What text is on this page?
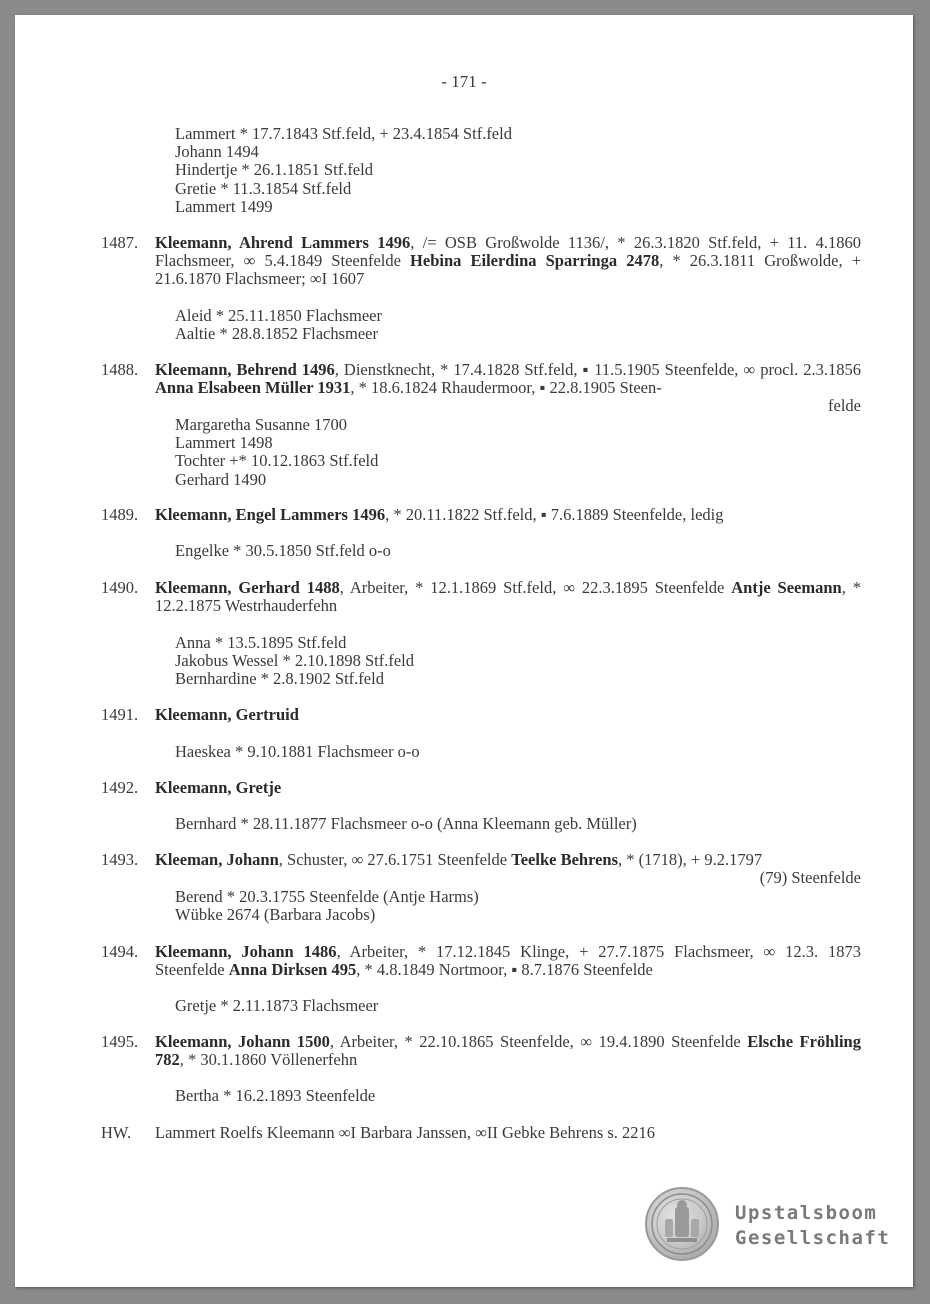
- 171 -
Lammert * 17.7.1843 Stf.feld, + 23.4.1854 Stf.feld
Johann 1494
Hindertje * 26.1.1851 Stf.feld
Gretie * 11.3.1854 Stf.feld
Lammert 1499
1487.	Kleemann, Ahrend Lammers 1496, /= OSB Großwolde 1136/, * 26.3.1820 Stf.feld, + 11. 4.1860 Flachsmeer, ∞ 5.4.1849 Steenfelde Hebina Eilerdina Sparringa 2478, * 26.3.1811 Großwolde, + 21.6.1870 Flachsmeer; ∞I 1607
Aleid * 25.11.1850 Flachsmeer
Aaltie * 28.8.1852 Flachsmeer
1488.	Kleemann, Behrend 1496, Dienstknecht, * 17.4.1828 Stf.feld, ▪ 11.5.1905 Steenfelde, ∞ procl. 2.3.1856 Anna Elsabeen Müller 1931, * 18.6.1824 Rhaudermoor, ▪ 22.8.1905 Steen-
felde
Margaretha Susanne 1700
Lammert 1498
Tochter +* 10.12.1863 Stf.feld
Gerhard 1490
1489.	Kleemann, Engel Lammers 1496, * 20.11.1822 Stf.feld, ▪ 7.6.1889 Steenfelde, ledig
Engelke * 30.5.1850 Stf.feld o-o
1490.	Kleemann, Gerhard 1488, Arbeiter, * 12.1.1869 Stf.feld, ∞ 22.3.1895 Steenfelde Antje Seemann, * 12.2.1875 Westrhauderfehn
Anna * 13.5.1895 Stf.feld
Jakobus Wessel * 2.10.1898 Stf.feld
Bernhardine * 2.8.1902 Stf.feld
1491.	Kleemann, Gertruid
Haeskea * 9.10.1881 Flachsmeer o-o
1492.	Kleemann, Gretje
Bernhard * 28.11.1877 Flachsmeer o-o (Anna Kleemann geb. Müller)
1493.	Kleeman, Johann, Schuster, ∞ 27.6.1751 Steenfelde Teelke Behrens, * (1718), + 9.2.1797
(79) Steenfelde
Berend * 20.3.1755 Steenfelde (Antje Harms)
Wübke 2674 (Barbara Jacobs)
1494.	Kleemann, Johann 1486, Arbeiter, * 17.12.1845 Klinge, + 27.7.1875 Flachsmeer, ∞ 12.3. 1873 Steenfelde Anna Dirksen 495, * 4.8.1849 Nortmoor, ▪ 8.7.1876 Steenfelde
Gretje * 2.11.1873 Flachsmeer
1495.	Kleemann, Johann 1500, Arbeiter, * 22.10.1865 Steenfelde, ∞ 19.4.1890 Steenfelde Elsche Fröhling 782, * 30.1.1860 Völlenerfehn
Bertha * 16.2.1893 Steenfelde
HW.	Lammert Roelfs Kleemann ∞I Barbara Janssen, ∞II Gebke Behrens s. 2216
Upstalsboom
Gesellschaft
